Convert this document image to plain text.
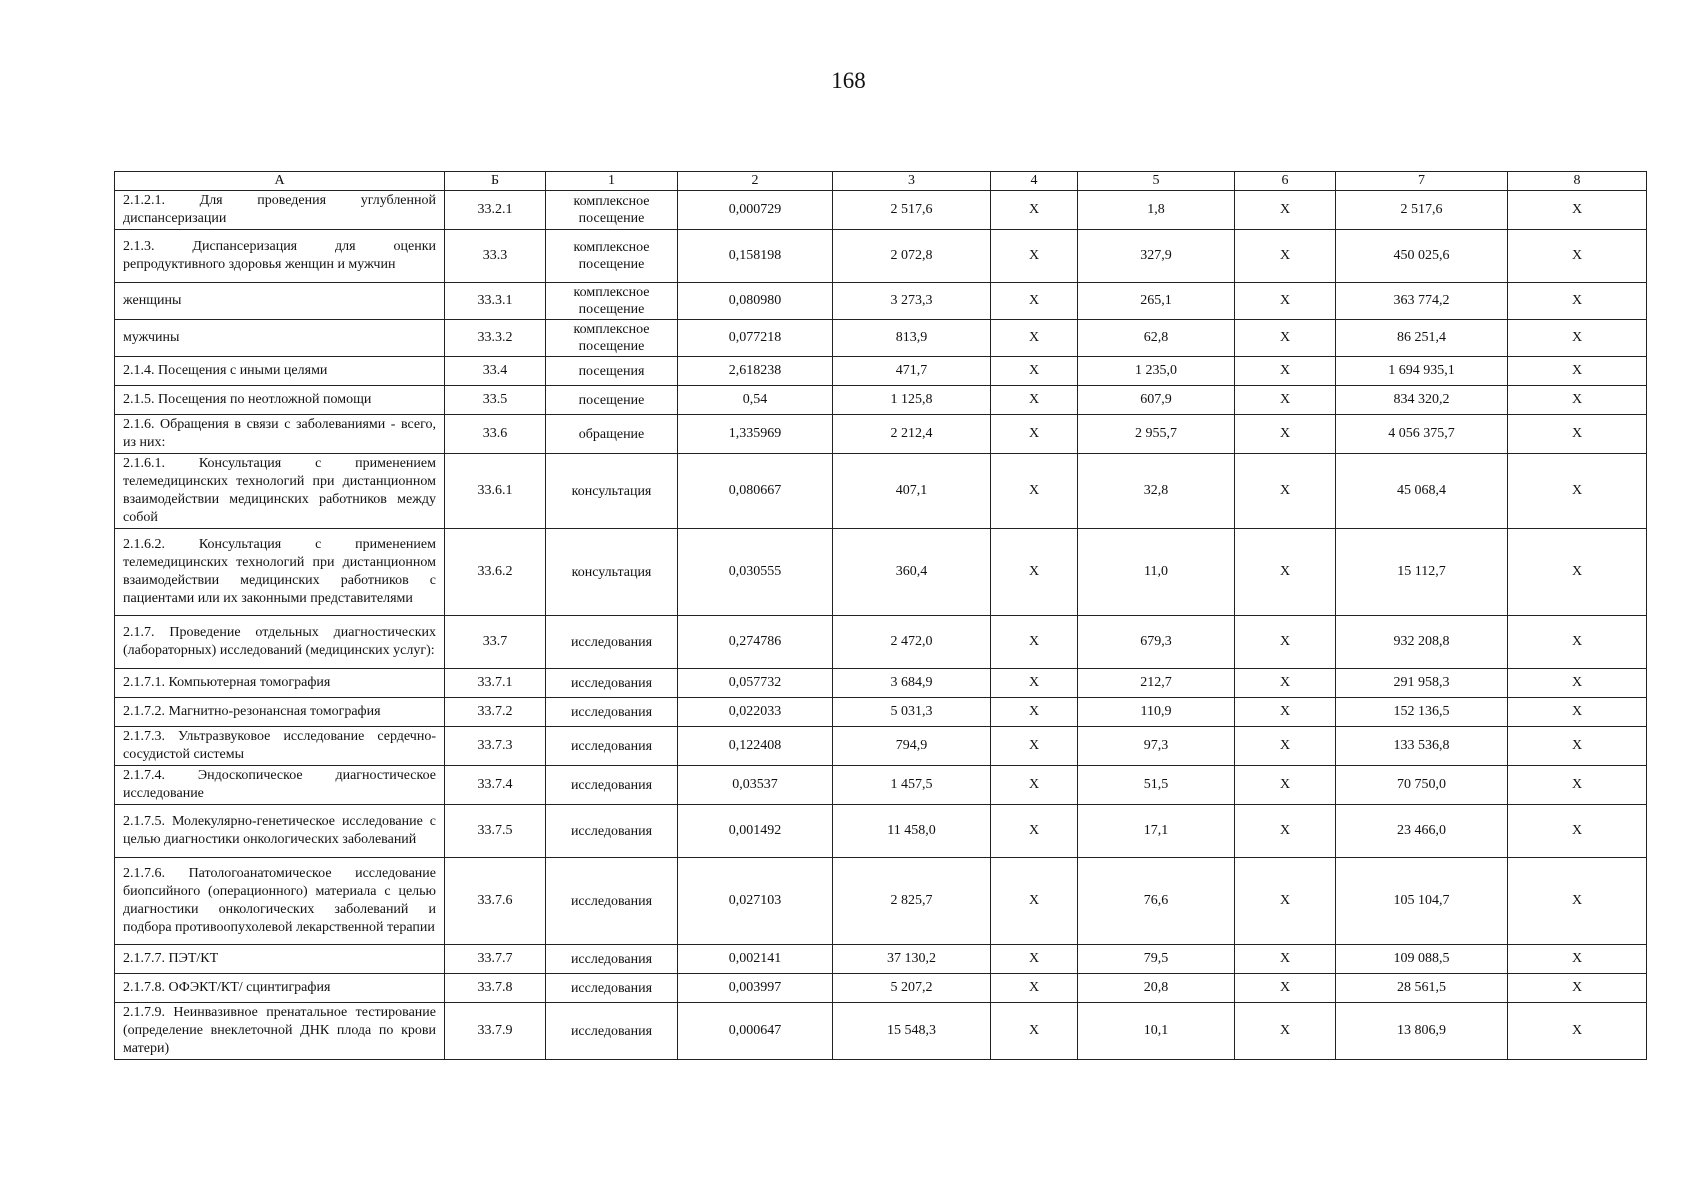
168
А	Б	1	2	3	4	5	6	7	8
2.1.2.1. Для проведения углубленной диспансеризации	33.2.1	комплексное посещение	0,000729	2 517,6	X	1,8	X	2 517,6	X
2.1.3. Диспансеризация для оценки репродуктивного здоровья женщин и мужчин	33.3	комплексное посещение	0,158198	2 072,8	X	327,9	X	450 025,6	X
женщины	33.3.1	комплексное посещение	0,080980	3 273,3	X	265,1	X	363 774,2	X
мужчины	33.3.2	комплексное посещение	0,077218	813,9	X	62,8	X	86 251,4	X
2.1.4. Посещения с иными целями	33.4	посещения	2,618238	471,7	X	1 235,0	X	1 694 935,1	X
2.1.5. Посещения по неотложной помощи	33.5	посещение	0,54	1 125,8	X	607,9	X	834 320,2	X
2.1.6. Обращения в связи с заболеваниями - всего, из них:	33.6	обращение	1,335969	2 212,4	X	2 955,7	X	4 056 375,7	X
2.1.6.1. Консультация с применением телемедицинских технологий при дистанционном взаимодействии медицинских работников между собой	33.6.1	консультация	0,080667	407,1	X	32,8	X	45 068,4	X
2.1.6.2. Консультация с применением телемедицинских технологий при дистанционном взаимодействии медицинских работников с пациентами или их законными представителями	33.6.2	консультация	0,030555	360,4	X	11,0	X	15 112,7	X
2.1.7. Проведение отдельных диагностических (лабораторных) исследований (медицинских услуг):	33.7	исследования	0,274786	2 472,0	X	679,3	X	932 208,8	X
2.1.7.1. Компьютерная томография	33.7.1	исследования	0,057732	3 684,9	X	212,7	X	291 958,3	X
2.1.7.2. Магнитно-резонансная томография	33.7.2	исследования	0,022033	5 031,3	X	110,9	X	152 136,5	X
2.1.7.3. Ультразвуковое исследование сердечно-сосудистой системы	33.7.3	исследования	0,122408	794,9	X	97,3	X	133 536,8	X
2.1.7.4. Эндоскопическое диагностическое исследование	33.7.4	исследования	0,03537	1 457,5	X	51,5	X	70 750,0	X
2.1.7.5. Молекулярно-генетическое исследование с целью диагностики онкологических заболеваний	33.7.5	исследования	0,001492	11 458,0	X	17,1	X	23 466,0	X
2.1.7.6. Патологоанатомическое исследование биопсийного (операционного) материала с целью диагностики онкологических заболеваний и подбора противоопухолевой лекарственной терапии	33.7.6	исследования	0,027103	2 825,7	X	76,6	X	105 104,7	X
2.1.7.7. ПЭТ/КТ	33.7.7	исследования	0,002141	37 130,2	X	79,5	X	109 088,5	X
2.1.7.8. ОФЭКТ/КТ/ сцинтиграфия	33.7.8	исследования	0,003997	5 207,2	X	20,8	X	28 561,5	X
2.1.7.9. Неинвазивное пренатальное тестирование (определение внеклеточной ДНК плода по крови матери)	33.7.9	исследования	0,000647	15 548,3	X	10,1	X	13 806,9	X
